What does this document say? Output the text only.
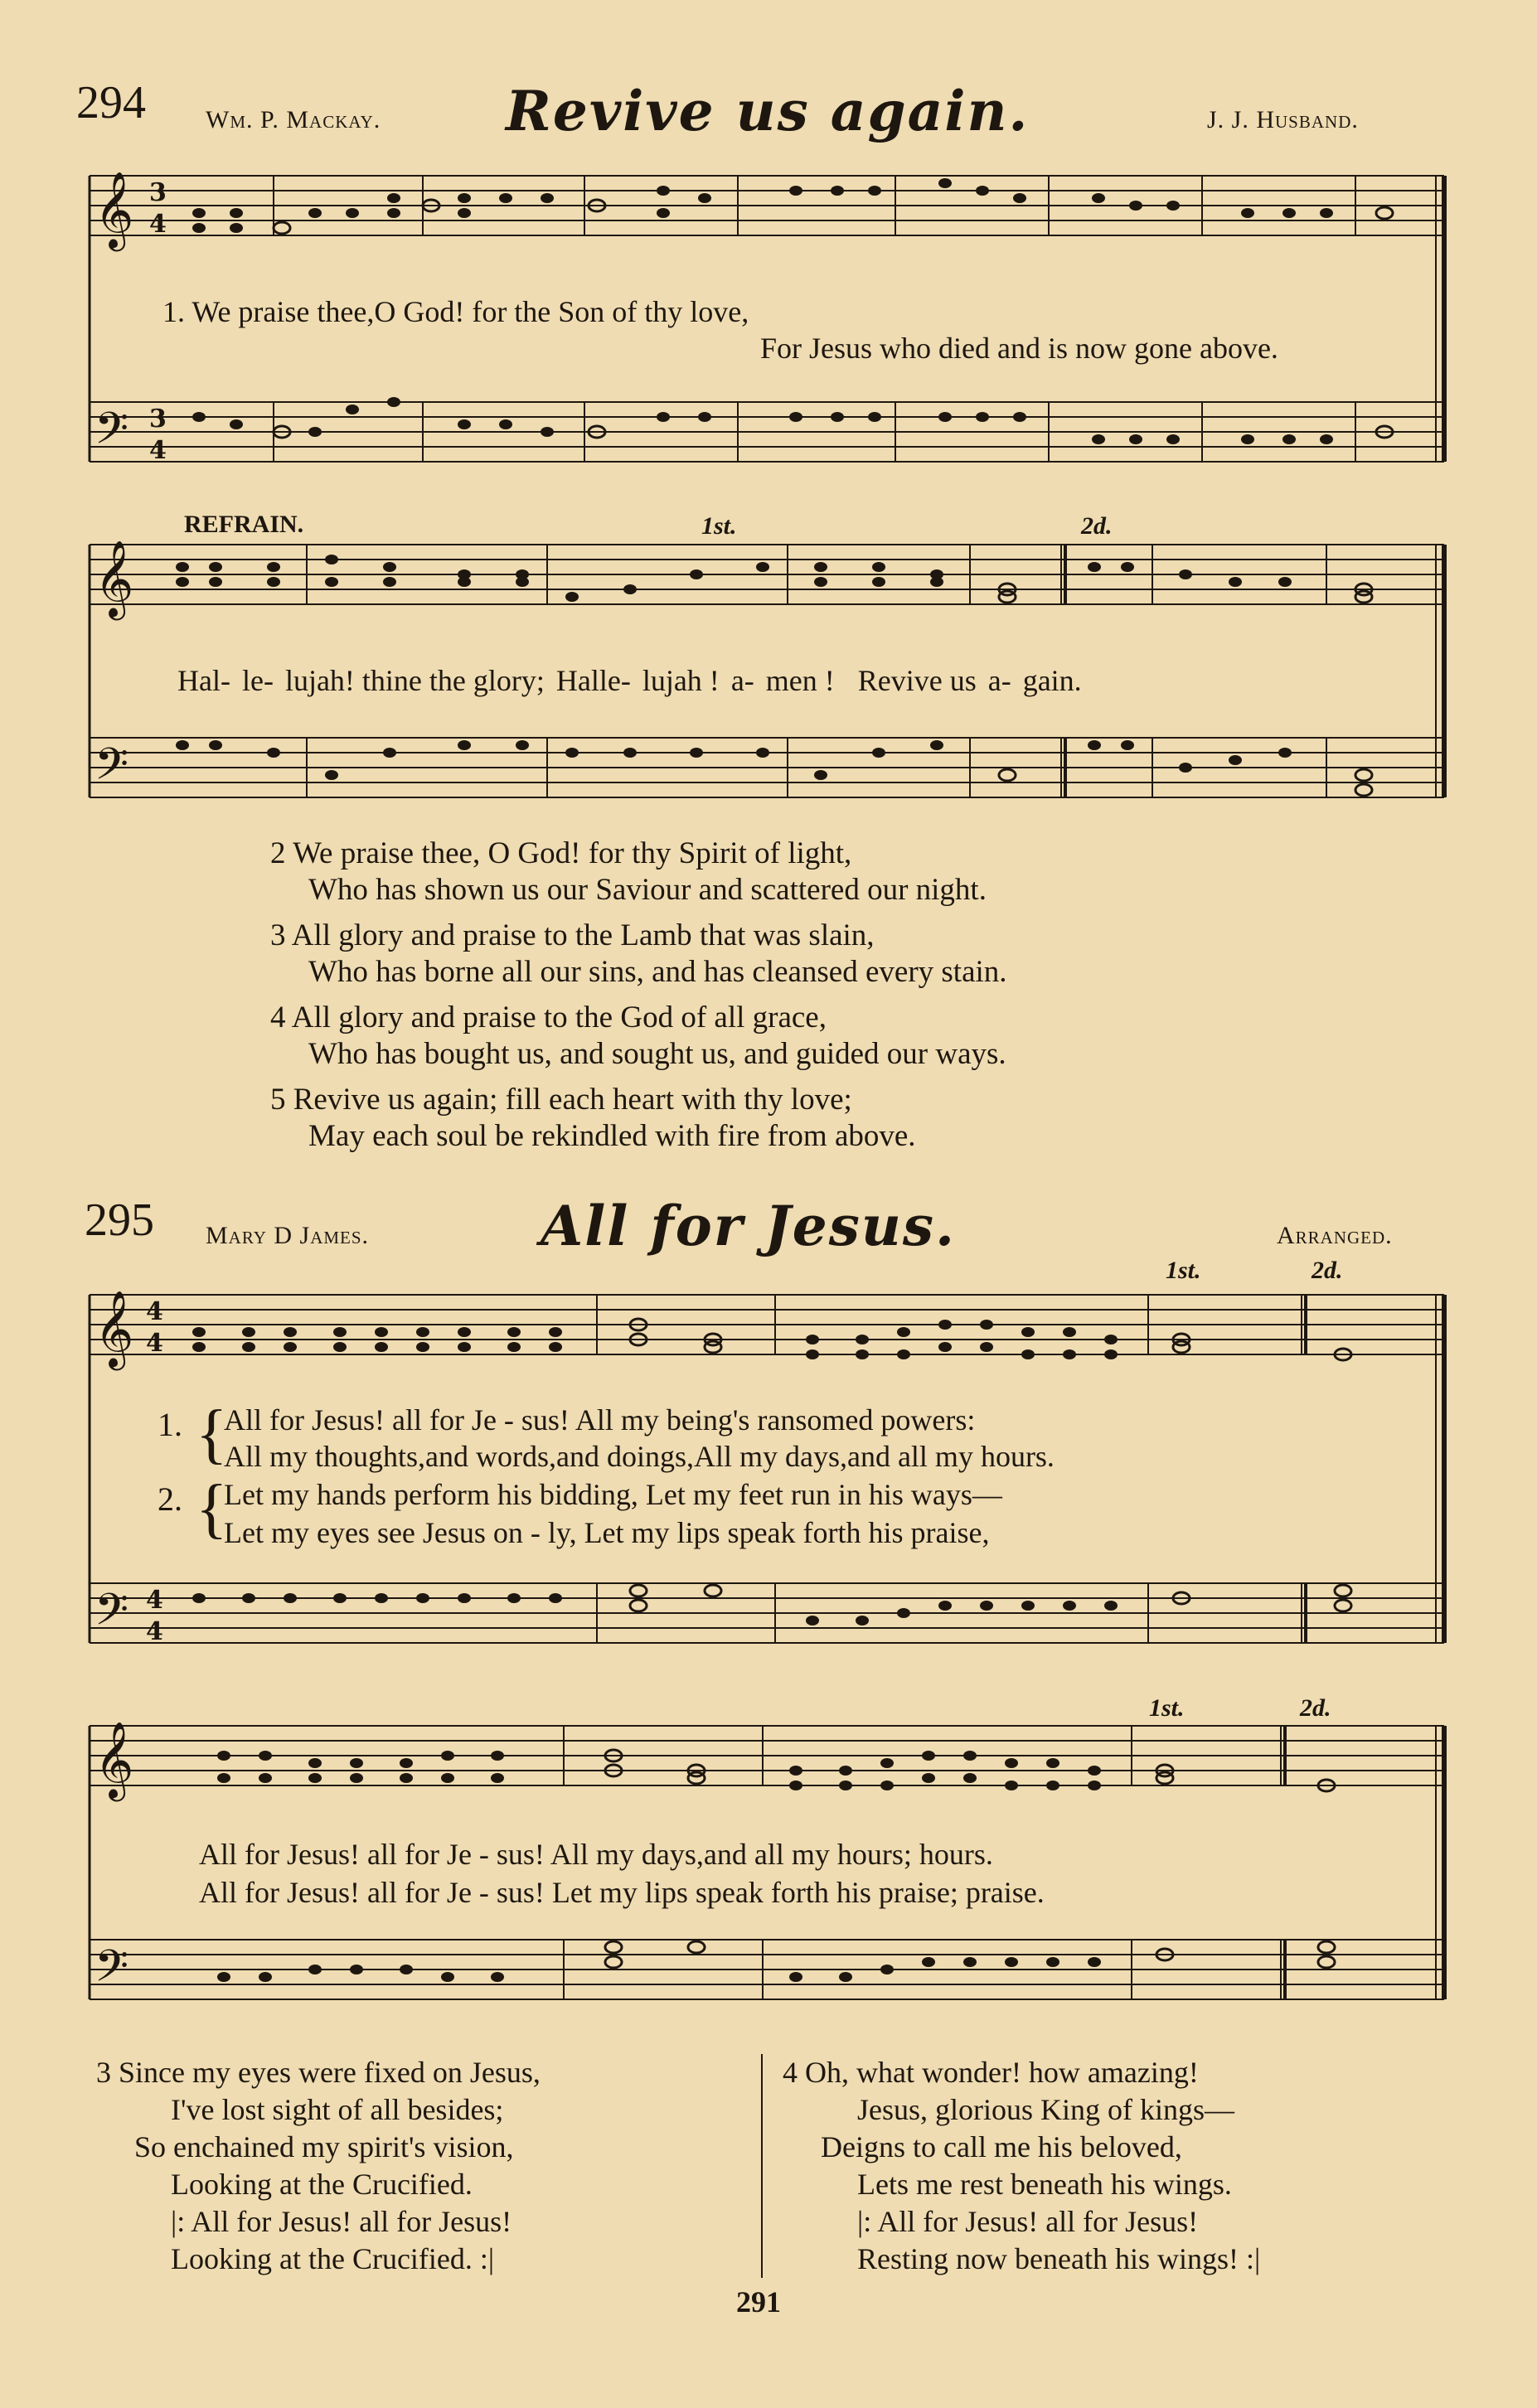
294 Wm. P. Mackay. Revive us again.	J. J. Husband.
𝄞 3
4
𝄢 3
4
1. We praise thee,O God! for the Son of thy love,
For Jesus who died and is now gone above.
REFRAIN.	1st.	2d.
𝄞
𝄢
Hal- le- lujah! thine the glory; Halle- lujah ! a- men ! Revive us a- gain.
2 We praise thee, O God! for thy Spirit of light,
Who has shown us our Saviour and scattered our night.
3 All glory and praise to the Lamb that was slain,
Who has borne all our sins, and has cleansed every stain.
4 All glory and praise to the God of all grace,
Who has bought us, and sought us, and guided our ways.
5 Revive us again; fill each heart with thy love;
May each soul be rekindled with fire from above.
295 Mary D James.	All for Jesus.	Arranged.
1st.	2d.
𝄞 4
4
𝄢 4
4
1.
2.
{
{
All for Jesus! all for Je - sus! All my being's ransomed powers:
All my thoughts,and words,and doings,All my days,and all my hours.
Let my hands perform his bidding, Let my feet run in his ways—
Let my eyes see Jesus on - ly, Let my lips speak forth his praise,
1st.	2d.
𝄞
𝄢
All for Jesus! all for Je - sus! All my days,and all my hours; hours.
All for Jesus! all for Je - sus! Let my lips speak forth his praise; praise.
3 Since my eyes were fixed on Jesus,
I've lost sight of all besides;
So enchained my spirit's vision,
Looking at the Crucified.
|: All for Jesus! all for Jesus!
Looking at the Crucified. :|
4 Oh, what wonder! how amazing!
Jesus, glorious King of kings—
Deigns to call me his beloved,
Lets me rest beneath his wings.
|: All for Jesus! all for Jesus!
Resting now beneath his wings! :|
291
